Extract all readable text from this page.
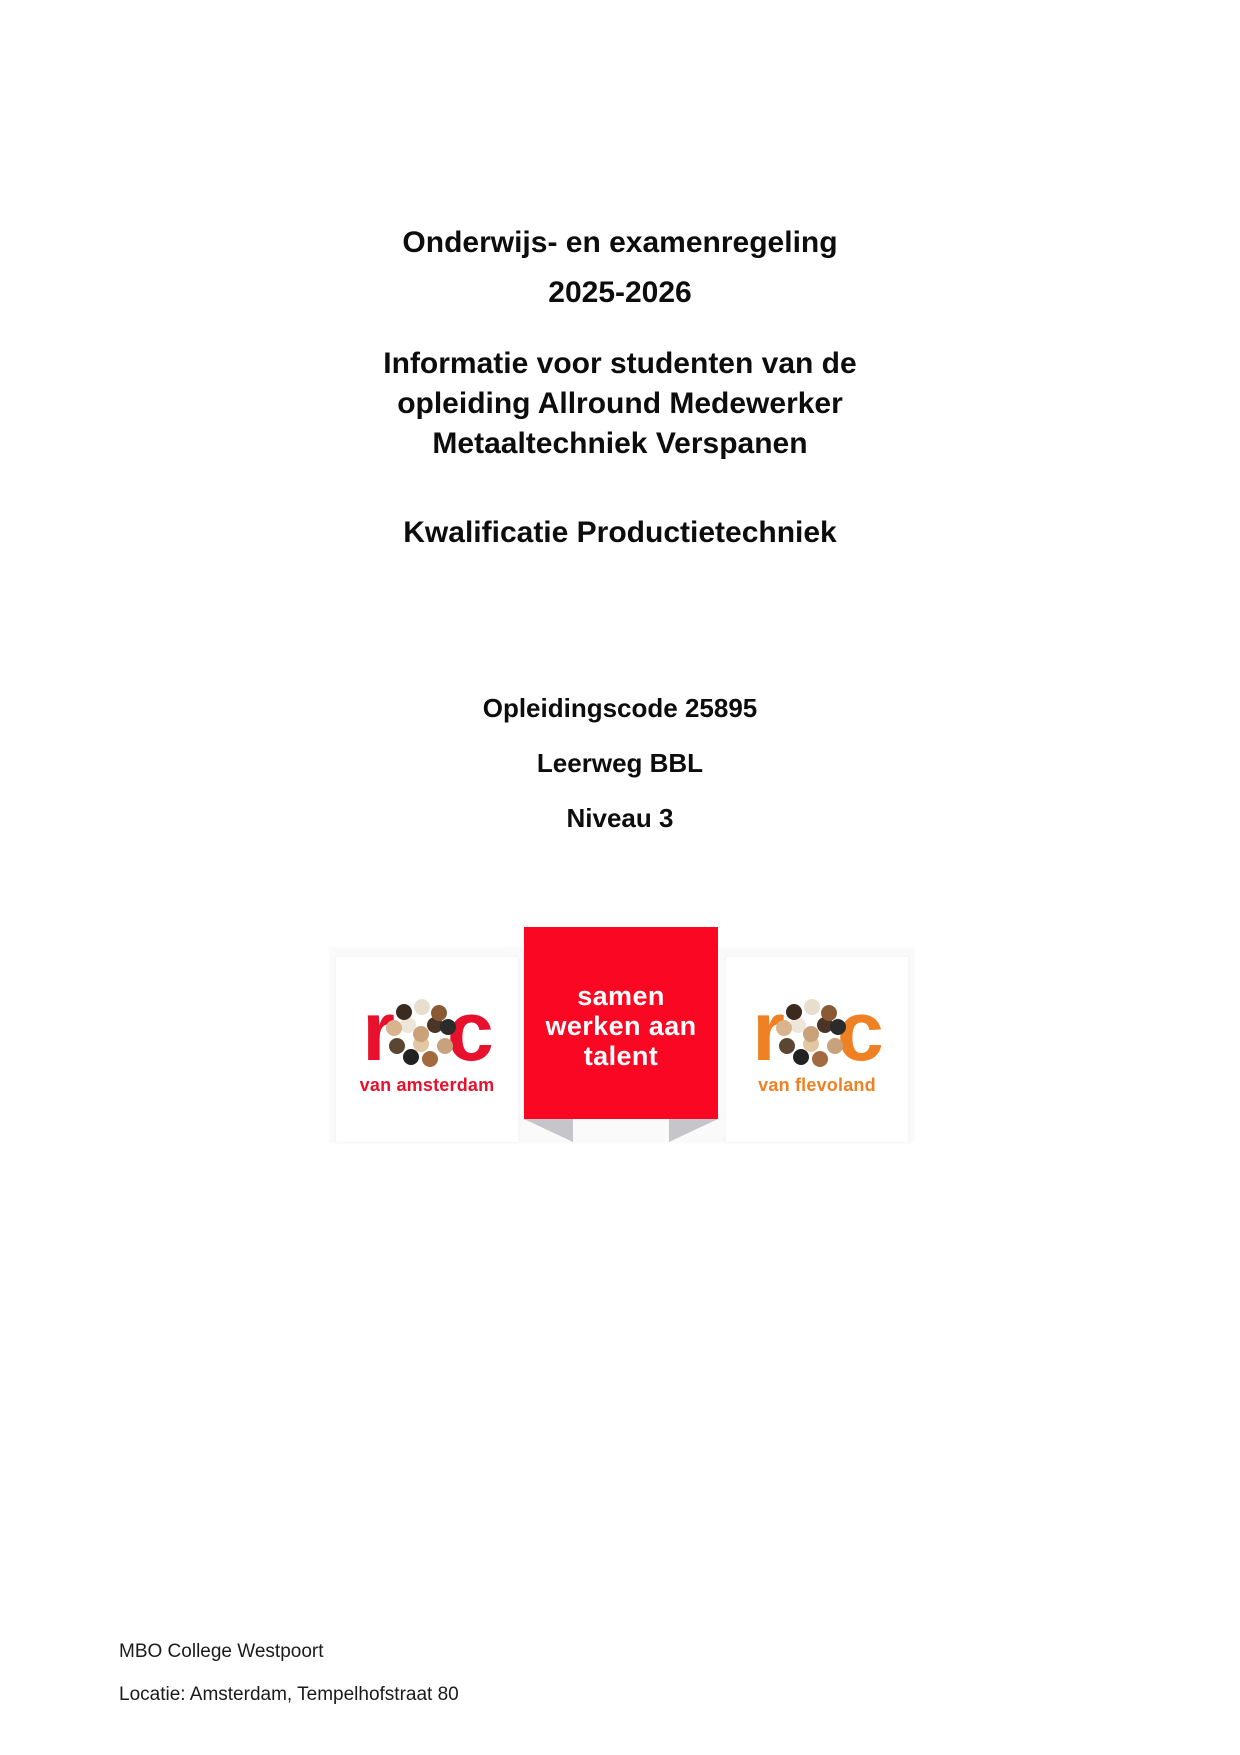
Onderwijs- en examenregeling
2025-2026
Informatie voor studenten van de
opleiding Allround Medewerker
Metaaltechniek Verspanen
Kwalificatie Productietechniek
Opleidingscode 25895
Leerweg BBL
Niveau 3
r c
van amsterdam
samen
werken aan
talent	r c
van flevoland
MBO College Westpoort
Locatie: Amsterdam, Tempelhofstraat 80
